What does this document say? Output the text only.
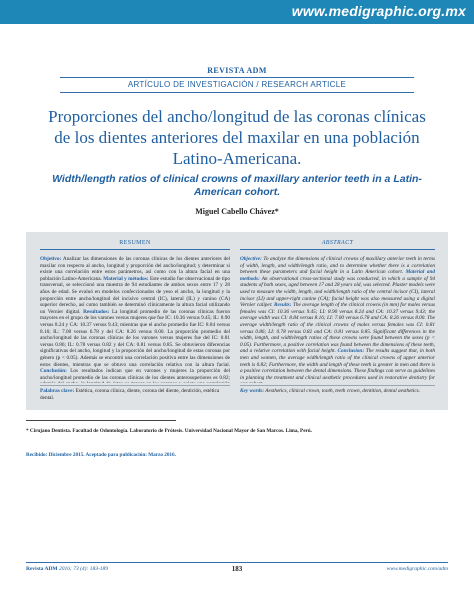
www.medigraphic.org.mx
REVISTA ADM
ARTÍCULO DE INVESTIGACIÓN / RESEARCH ARTICLE
Proporciones del ancho/longitud de las coronas clínicas de los dientes anteriores del maxilar en una población Latino-Americana.
Width/length ratios of clinical crowns of maxillary anterior teeth in a Latin-American cohort.
Miguel Cabello Chávez*
RESUMEN	ABSTRACT

Objetivo: Analizar las dimensiones de las coronas clínicas de los dientes anteriores del maxilar con respecto al ancho, longitud y proporción del ancho/longitud; y determinar si existe una correlación entre estos parámetros, así como con la altura facial en una población Latino-Americana. Material y métodos: Este estudio fue observacional de tipo transversal, se seleccionó una muestra de 94 estudiantes de ambos sexos entre 17 y 28 años de edad. Se evaluó en modelos confeccionados de yeso el ancho, la longitud y la proporción entre ancho/longitud del incisivo central (IC), lateral (IL) y canino (CA) superior derecho, así como también se determinó clínicamente la altura facial utilizando un Vernier digital. Resultados: La longitud promedio de las coronas clínicas fueron mayores en el grupo de los varones versus mujeres que fue IC: 10.36 versus 9.45; IL: 8.90 versus 8.24 y CA: 10.37 versus 9.43; mientras que el ancho promedio fue IC: 8.84 versus 8.16; IL: 7.00 versus 6.78 y del CA: 8.26 versus 8.00. La proporción promedio del ancho/longitud de las coronas clínicas de los varones versus mujeres fue del IC: 0.81 versus 0.86; IL: 0.78 versus 0.82 y del CA: 0.81 versus 0.85. Se obtuvieron diferencias significativas del ancho, longitud y la proporción del ancho/longitud de estas coronas por género (p < 0.05). Además se encontró una correlación positiva entre las dimensiones de estos dientes, mientras que se obtuvo una correlación relativa con la altura facial. Conclusión: Los resultados indican que en varones y mujeres la proporción del ancho/longitud promedio de las coronas clínicas de los dientes anterosuperiores es 0.82;

Objective: To analyze the dimensions of clinical crowns of maxillary anterior teeth in terms of width, length, and width/length ratio, and to determine whether there is a correlation between these parameters and facial height in a Latin American cohort. Material and methods: An observational cross-sectional study was conducted, in which a sample of 94 students of both sexes, aged between 17 and 28 years old, was selected. Plaster models were used to measure the width, length, and width/length ratio of the central incisor (CI), lateral incisor (LI) and upper-right canine (CA); facial height was also measured using a digital Vernier caliper. Results: The average length of the clinical crowns (in mm) for males versus females was CI: 10.36 versus 9.45; LI: 8.90 versus 8.24 and CA: 10.37 versus 9.43; the average width was CI: 8.84 versus 8.16; LI: 7.00 versus 6.78 and CA: 8.26 versus 8.00. The average width/length ratio of the clinical crowns of males versus females was CI: 0.81 versus 0.86; LI: 0.78 versus 0.82 and CA: 0.81 versus 0.85. Significant differences in the width, length, and width/length ratios of these crowns were found between the sexes (p < 0.05). Furthermore, a positive correlation was found between the dimensions of these teeth, and a relative correlation with facial height. Conclusion: The results suggest that, in both men and women, the average width/length ratio of the clinical crowns of upper anterior teeth is 0.82; Furthermore, the width and length of these teeth is greater in men and there is a positive correlation between the dental dimensions. These findings can serve as guidelines in planning the treatment and clinical aesthetic procedures used in restorative dentistry for

Palabras clave: Estética, corona clínica, diente, corona del diente, dentición, estética dental.
Key words: Aesthetics, clinical crown, tooth, teeth crown, dentition, dental aesthetics.
* Cirujano Dentista. Facultad de Odontología. Laboratorio de Prótesis. Universidad Nacional Mayor de San Marcos. Lima, Perú.
Recibido: Diciembre 2015. Aceptado para publicación: Marzo 2016.
Revista ADM 2016; 73 (4): 183-189	183	www.medigraphic.com/adm
